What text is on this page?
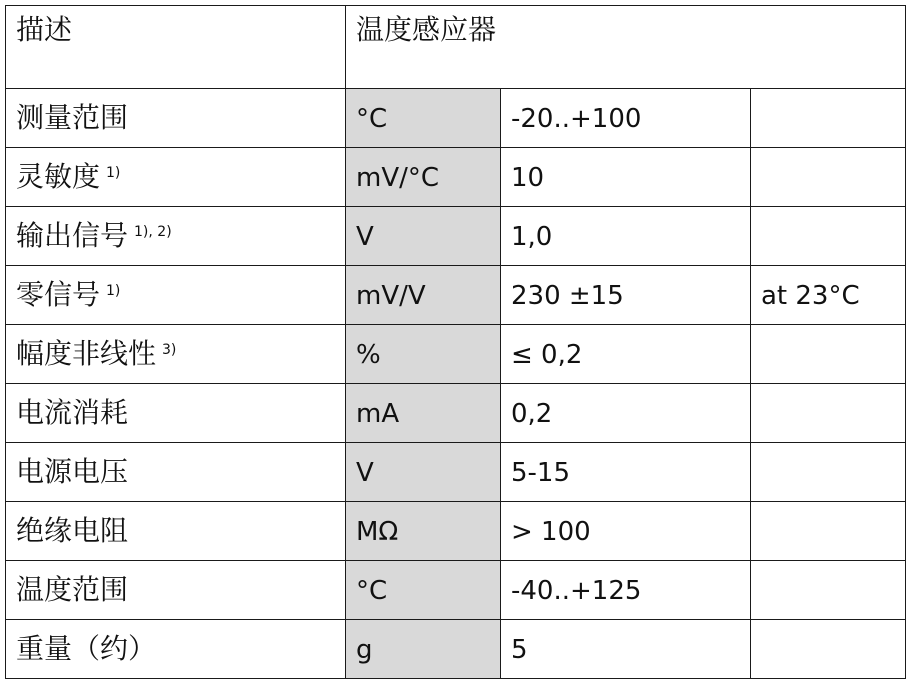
描述	温度感应器		
测量范围	°C	-20..+100	
灵敏度 $^{1)}$	mV/°C	10	
输出信号 $^{1), 2)}$	V	1,0	
零信号 $^{1)}$	mV/V	230 ±15	at 23°C
幅度非线性 $^{3)}$	%	≤ 0,2	
电流消耗	mA	0,2	
电源电压	V	5-15	
绝缘电阻	MΩ	> 100	
温度范围	°C	-40..+125	
重量（约）	g	5	
